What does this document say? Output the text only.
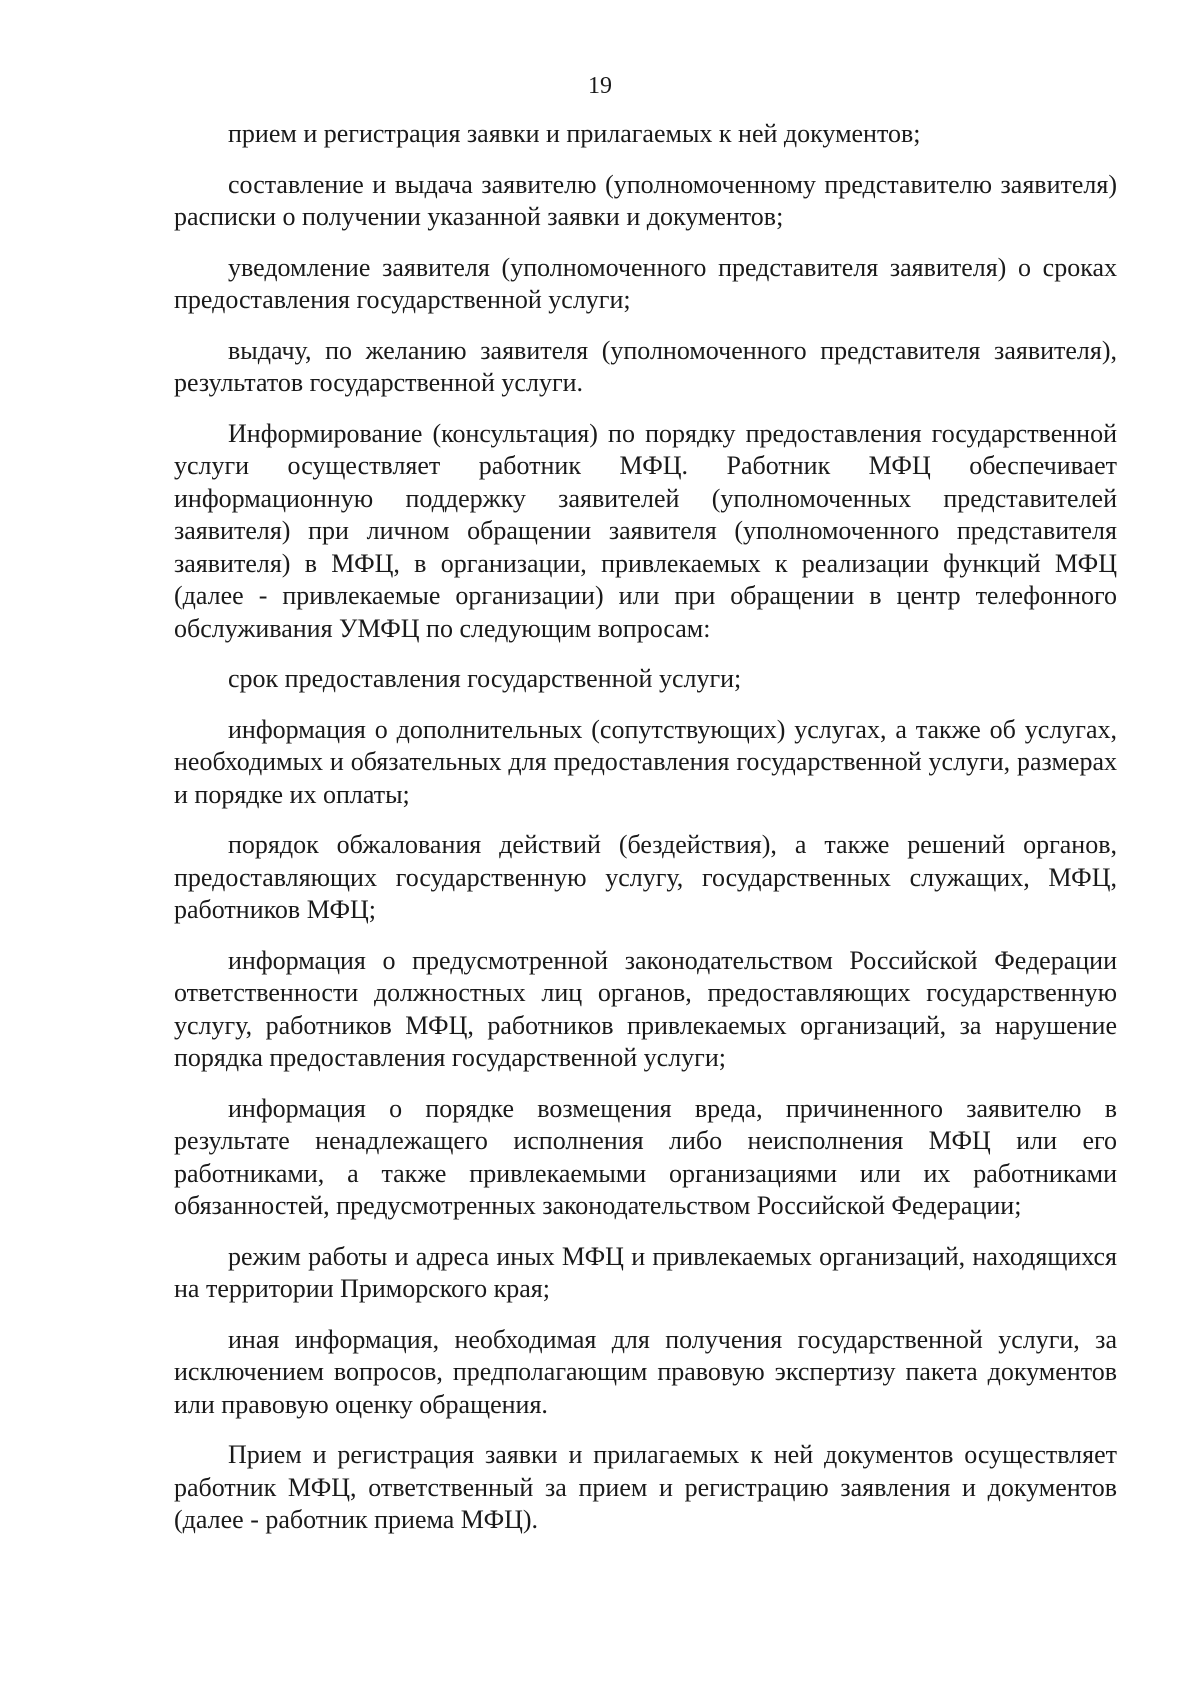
19

прием и регистрация заявки и прилагаемых к ней документов;

составление и выдача заявителю (уполномоченному представителю заявителя) расписки о получении указанной заявки и документов;

уведомление заявителя (уполномоченного представителя заявителя) о сроках предоставления государственной услуги;

выдачу, по желанию заявителя (уполномоченного представителя заявителя), результатов государственной услуги.

Информирование (консультация) по порядку предоставления государственной услуги осуществляет работник МФЦ. Работник МФЦ обеспечивает информационную поддержку заявителей (уполномоченных представителей заявителя) при личном обращении заявителя (уполномоченного представителя заявителя) в МФЦ, в организации, привлекаемых к реализации функций МФЦ (далее - привлекаемые организации) или при обращении в центр телефонного обслуживания УМФЦ по следующим вопросам:

срок предоставления государственной услуги;

информация о дополнительных (сопутствующих) услугах, а также об услугах, необходимых и обязательных для предоставления государственной услуги, размерах и порядке их оплаты;

порядок обжалования действий (бездействия), а также решений органов, предоставляющих государственную услугу, государственных служащих, МФЦ, работников МФЦ;

информация о предусмотренной законодательством Российской Федерации ответственности должностных лиц органов, предоставляющих государственную услугу, работников МФЦ, работников привлекаемых организаций, за нарушение порядка предоставления государственной услуги;

информация о порядке возмещения вреда, причиненного заявителю в результате ненадлежащего исполнения либо неисполнения МФЦ или его работниками, а также привлекаемыми организациями или их работниками обязанностей, предусмотренных законодательством Российской Федерации;

режим работы и адреса иных МФЦ и привлекаемых организаций, находящихся на территории Приморского края;

иная информация, необходимая для получения государственной услуги, за исключением вопросов, предполагающим правовую экспертизу пакета документов или правовую оценку обращения.

Прием и регистрация заявки и прилагаемых к ней документов осуществляет работник МФЦ, ответственный за прием и регистрацию заявления и документов (далее - работник приема МФЦ).
